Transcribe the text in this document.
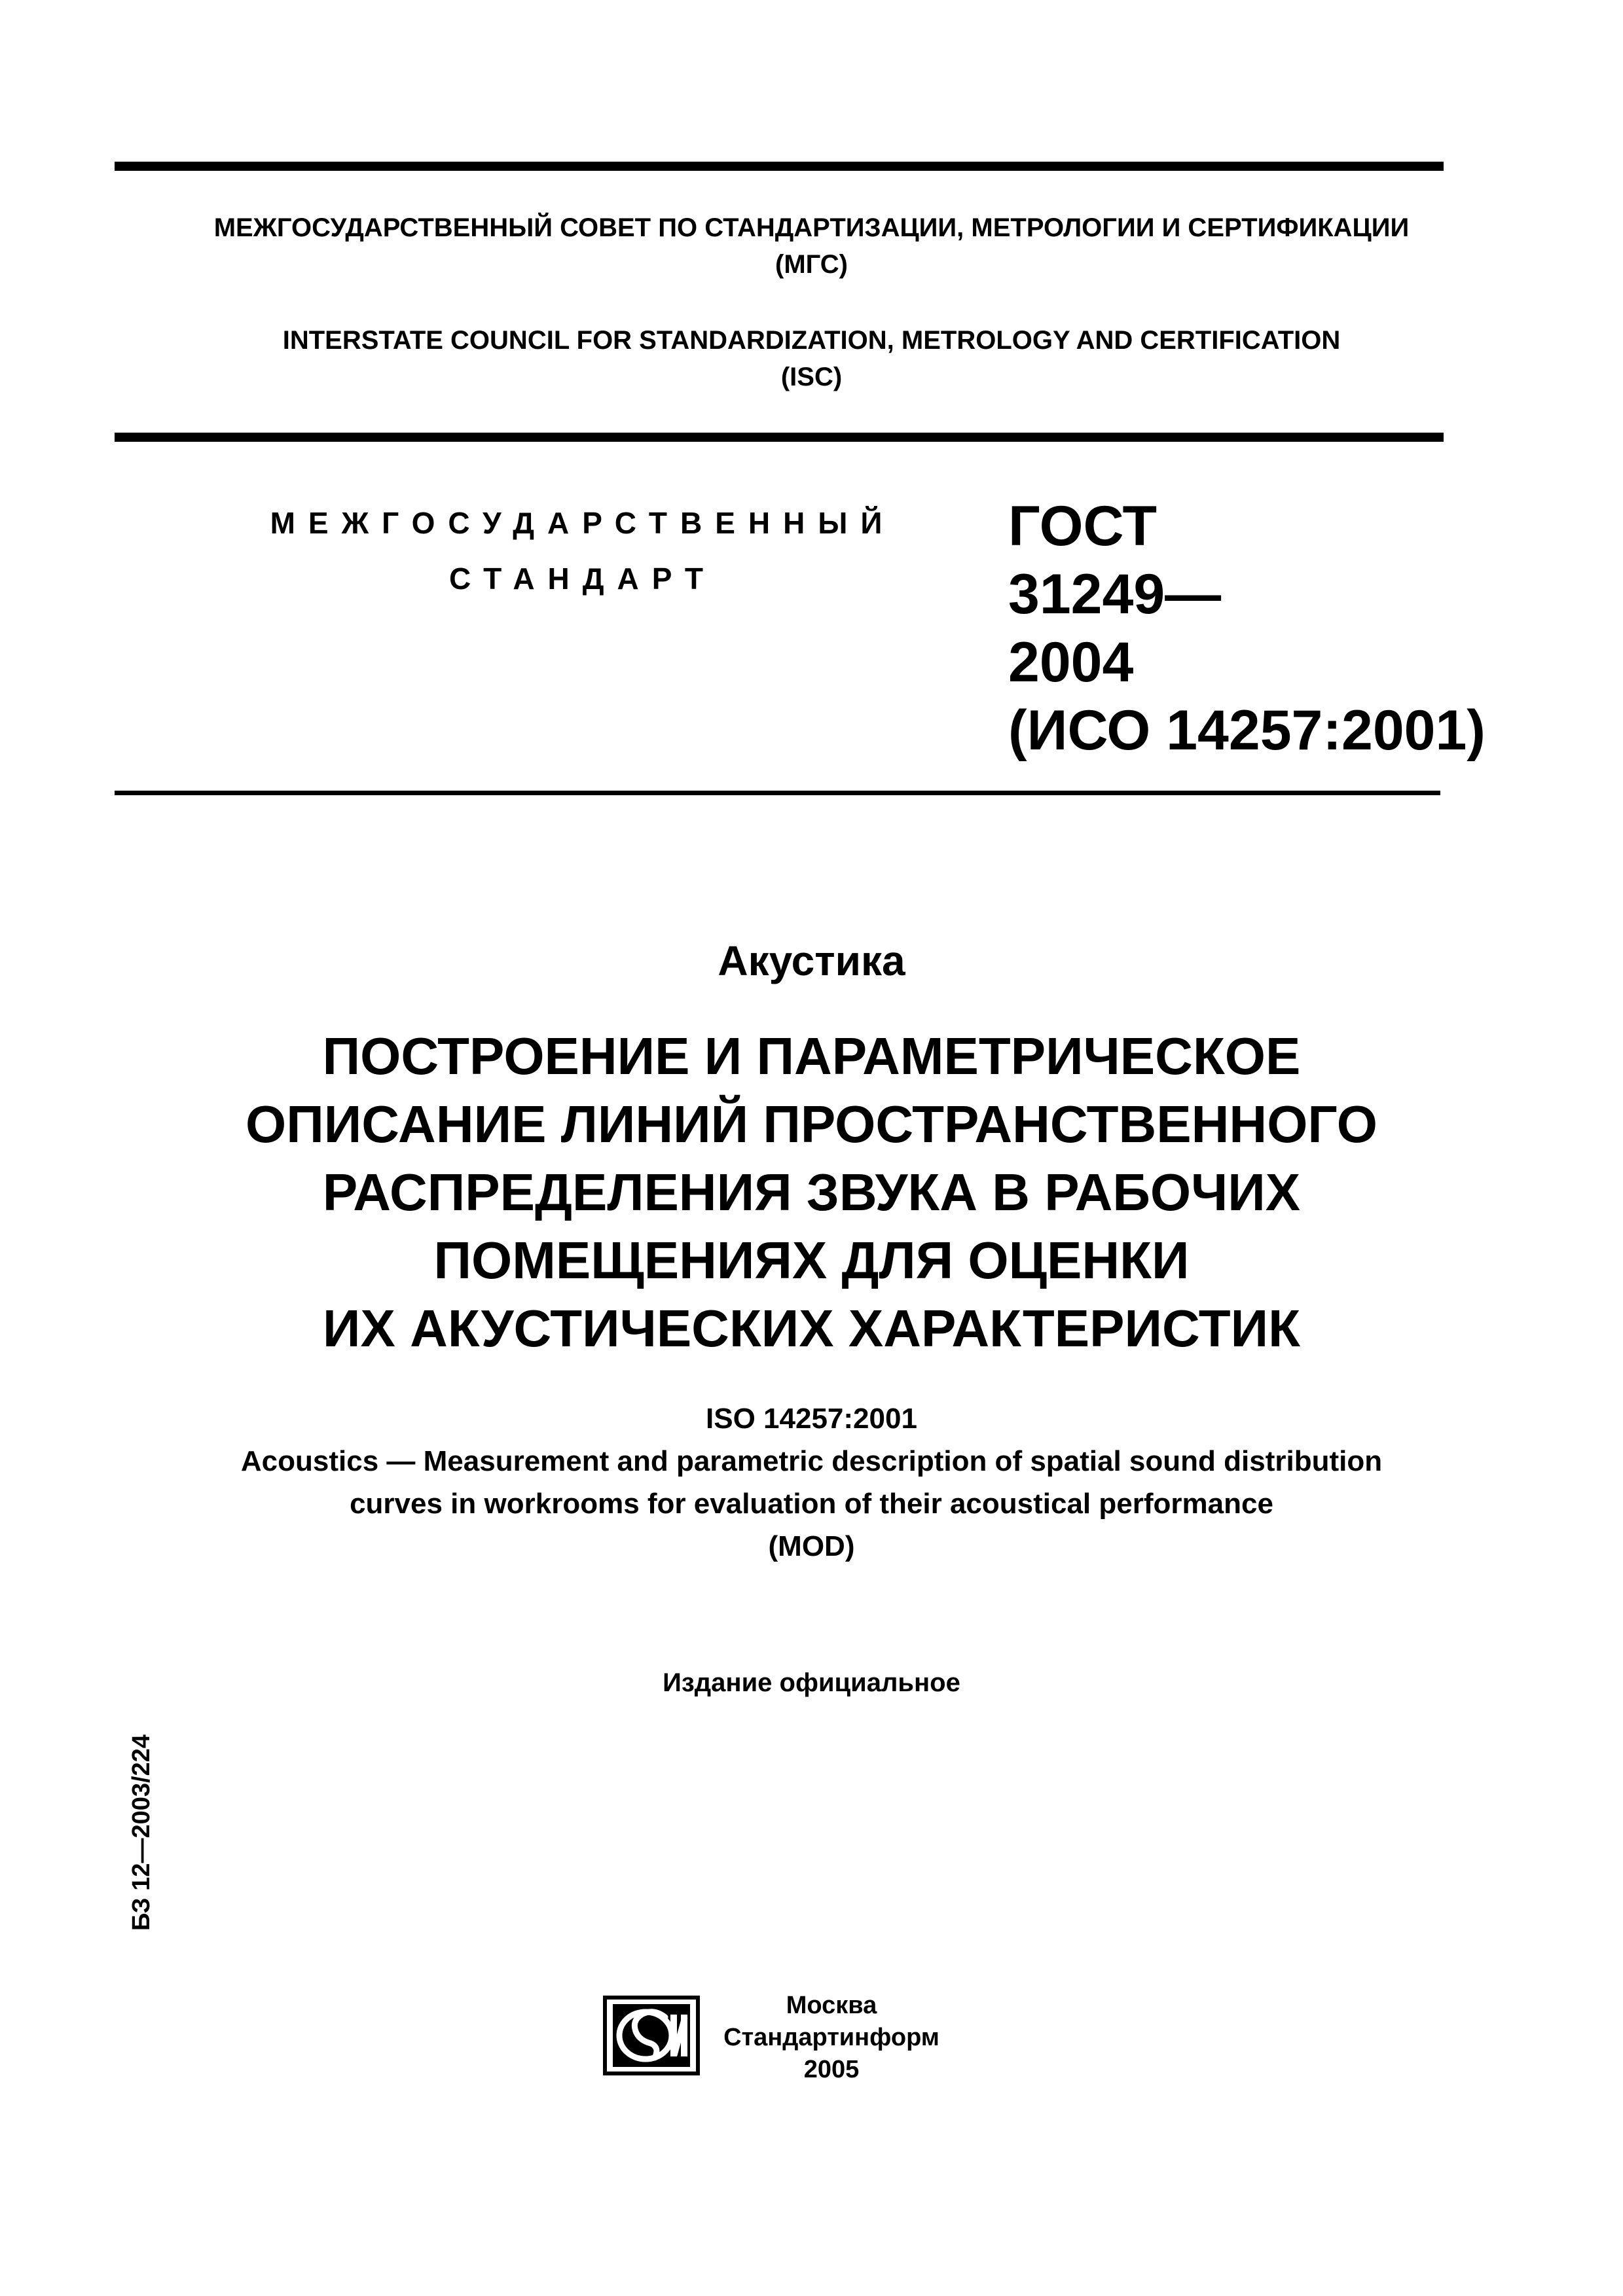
МЕЖГОСУДАРСТВЕННЫЙ СОВЕТ ПО СТАНДАРТИЗАЦИИ, МЕТРОЛОГИИ И СЕРТИФИКАЦИИ
(МГС)

INTERSTATE COUNCIL FOR STANDARDIZATION, METROLOGY AND CERTIFICATION
(ISC)

МЕЖГОСУДАРСТВЕННЫЙ

СТАНДАРТ

ГОСТ
31249—
2004
(ИСО 14257:2001)

Акустика

ПОСТРОЕНИЕ И ПАРАМЕТРИЧЕСКОЕ
ОПИСАНИЕ ЛИНИЙ ПРОСТРАНСТВЕННОГО
РАСПРЕДЕЛЕНИЯ ЗВУКА В РАБОЧИХ
ПОМЕЩЕНИЯХ ДЛЯ ОЦЕНКИ
ИХ АКУСТИЧЕСКИХ ХАРАКТЕРИСТИК
ISO 14257:2001
Acoustics — Measurement and parametric description of spatial sound distribution
curves in workrooms for evaluation of their acoustical performance
(MOD)

Издание официальное

БЗ 12—2003/224
Москва
Стандартинформ
2005
